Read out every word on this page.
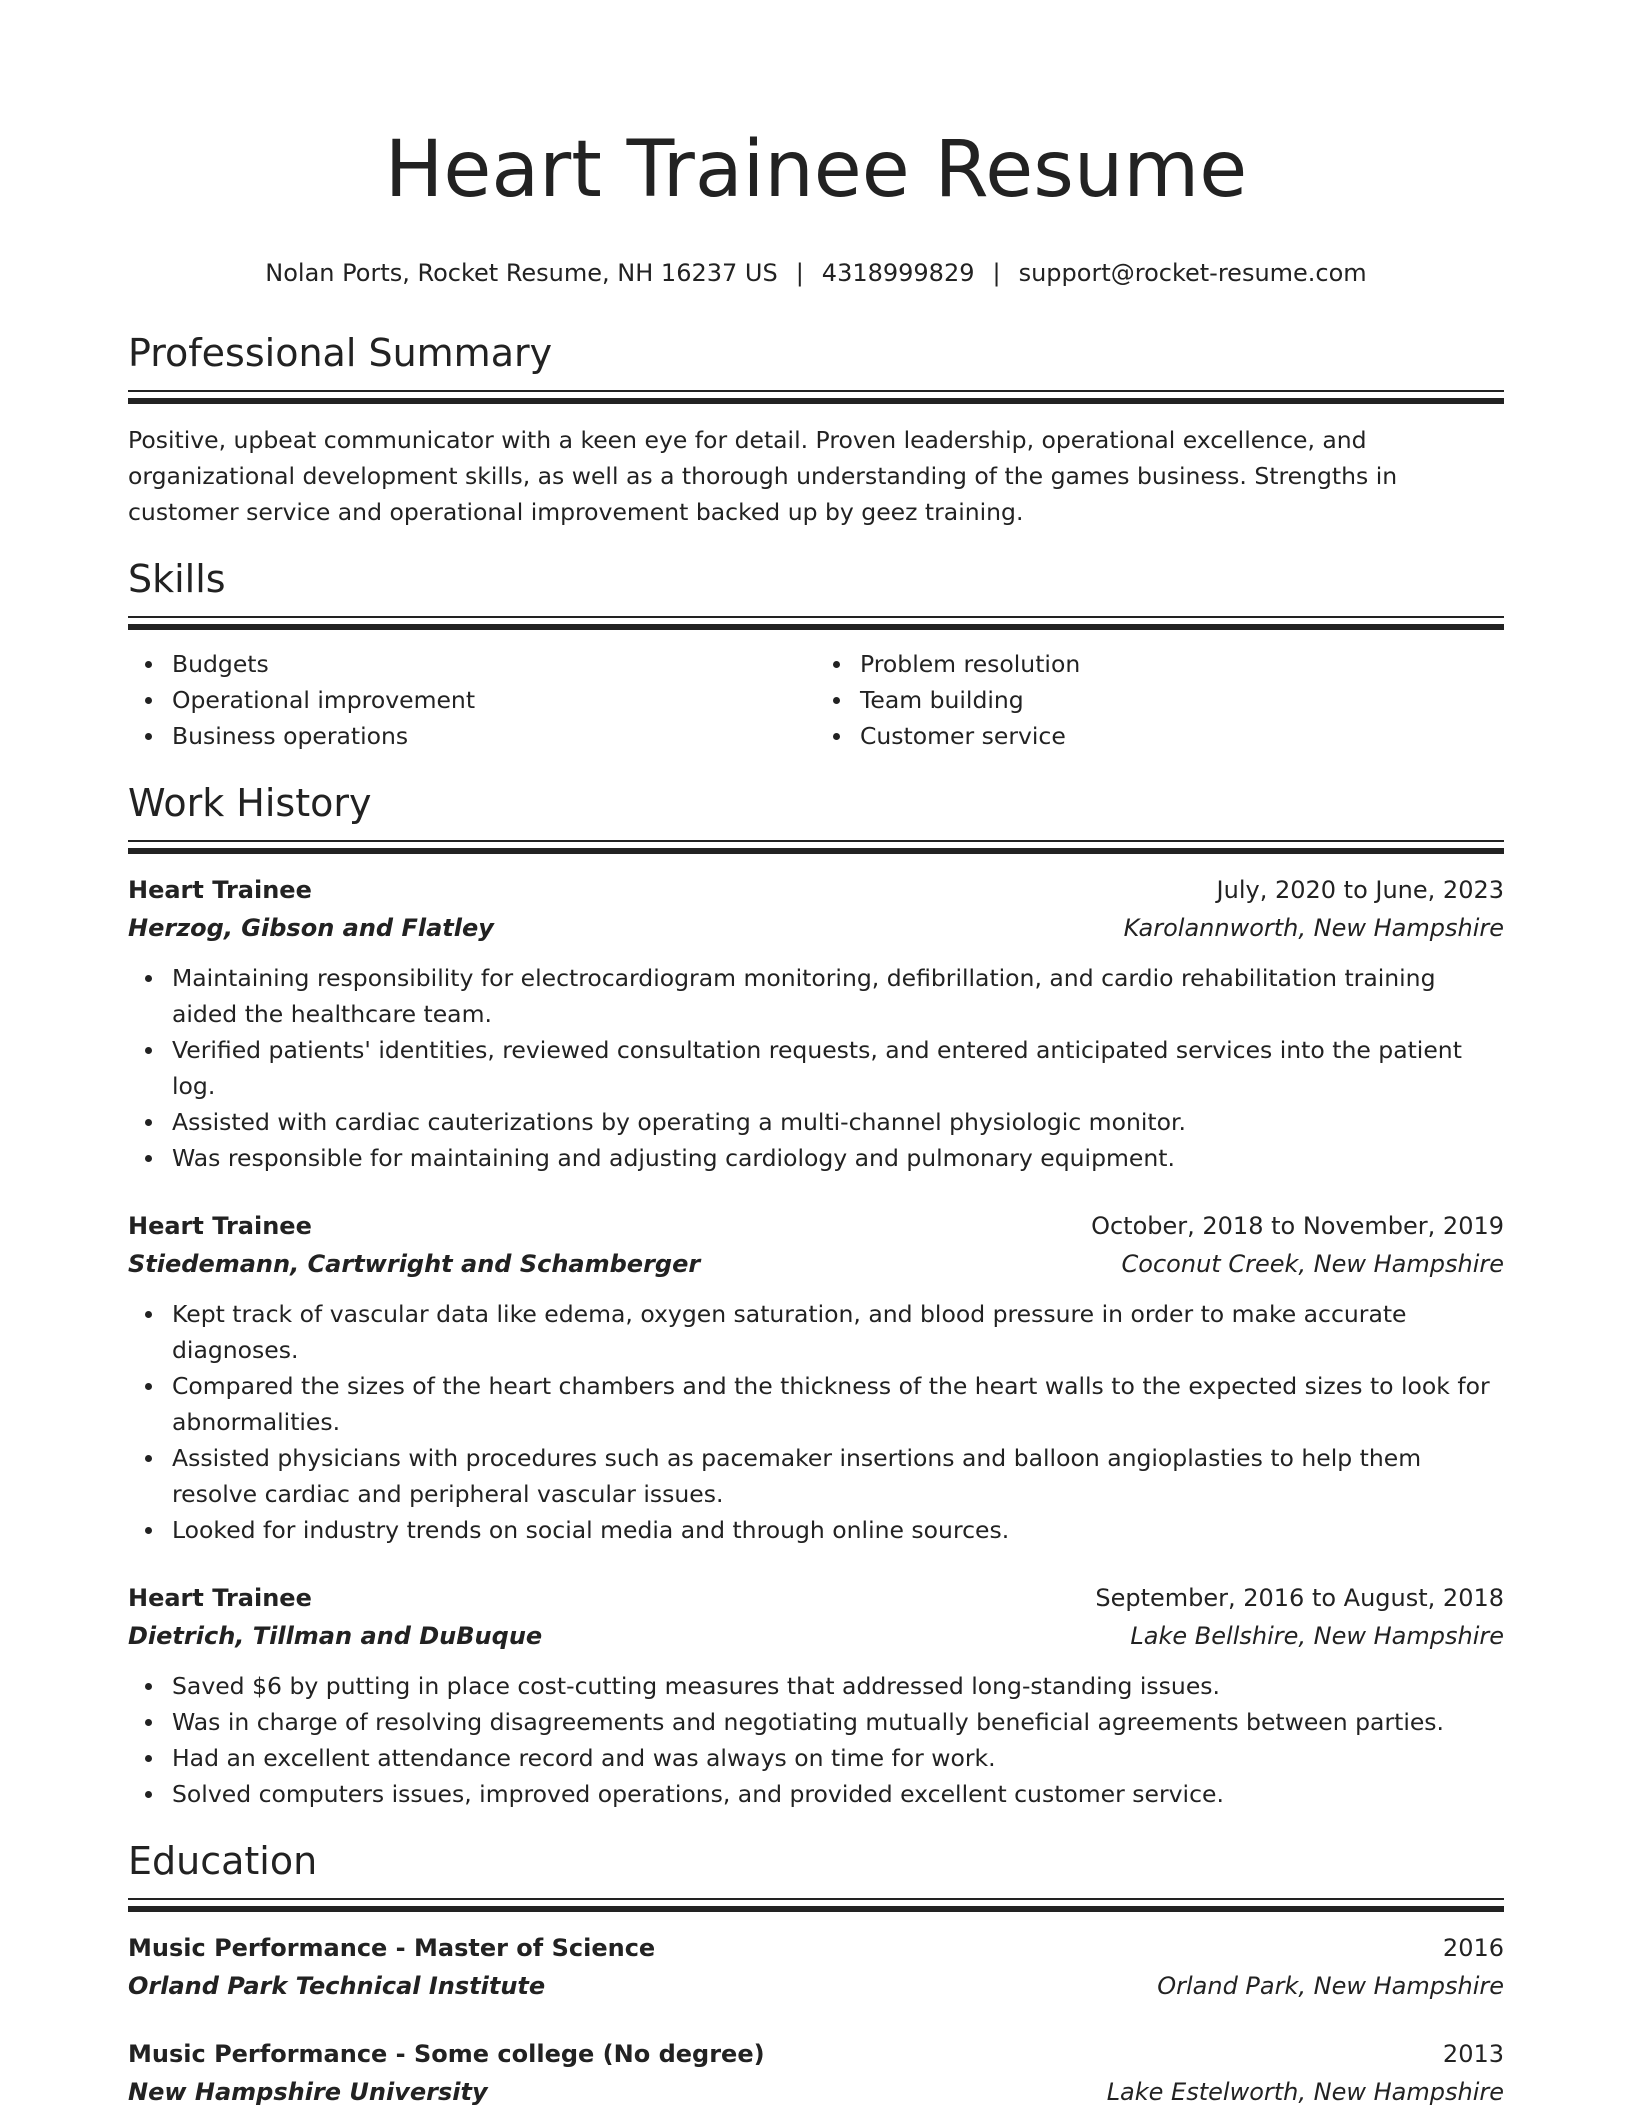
Heart Trainee Resume
Nolan Ports, Rocket Resume, NH 16237 US | 4318999829 | support@rocket-resume.com
Professional Summary

Positive, upbeat communicator with a keen eye for detail. Proven leadership, operational excellence, and organizational development skills, as well as a thorough understanding of the games business. Strengths in customer service and operational improvement backed up by geez training.

Skills
Budgets
Operational improvement
Business operations
Problem resolution
Team building
Customer service
Work History
Heart Trainee	July, 2020 to June, 2023
Herzog, Gibson and Flatley	Karolannworth, New Hampshire
Maintaining responsibility for electrocardiogram monitoring, defibrillation, and cardio rehabilitation training aided the healthcare team.
Verified patients' identities, reviewed consultation requests, and entered anticipated services into the patient log.
Assisted with cardiac cauterizations by operating a multi-channel physiologic monitor.
Was responsible for maintaining and adjusting cardiology and pulmonary equipment.
Heart Trainee	October, 2018 to November, 2019
Stiedemann, Cartwright and Schamberger	Coconut Creek, New Hampshire
Kept track of vascular data like edema, oxygen saturation, and blood pressure in order to make accurate diagnoses.
Compared the sizes of the heart chambers and the thickness of the heart walls to the expected sizes to look for abnormalities.
Assisted physicians with procedures such as pacemaker insertions and balloon angioplasties to help them resolve cardiac and peripheral vascular issues.
Looked for industry trends on social media and through online sources.
Heart Trainee	September, 2016 to August, 2018
Dietrich, Tillman and DuBuque	Lake Bellshire, New Hampshire
Saved $6 by putting in place cost-cutting measures that addressed long-standing issues.
Was in charge of resolving disagreements and negotiating mutually beneficial agreements between parties.
Had an excellent attendance record and was always on time for work.
Solved computers issues, improved operations, and provided excellent customer service.
Education
Music Performance - Master of Science	2016
Orland Park Technical Institute	Orland Park, New Hampshire
Music Performance - Some college (No degree)	2013
New Hampshire University	Lake Estelworth, New Hampshire
